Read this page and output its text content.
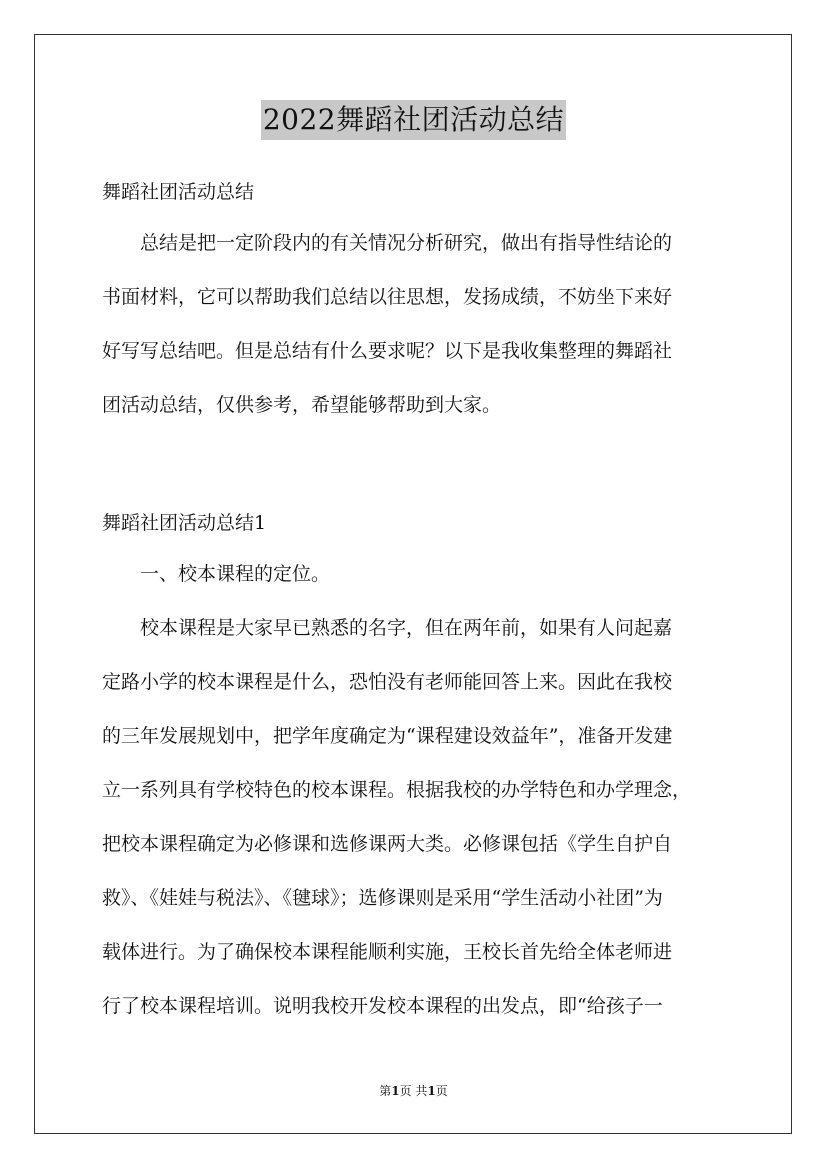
2022舞蹈社团活动总结
舞蹈社团活动总结
总结是把一定阶段内的有关情况分析研究，做出有指导性结论的
书面材料，它可以帮助我们总结以往思想，发扬成绩，不妨坐下来好
好写写总结吧。但是总结有什么要求呢？以下是我收集整理的舞蹈社
团活动总结，仅供参考，希望能够帮助到大家。
舞蹈社团活动总结1
一、校本课程的定位。
校本课程是大家早已熟悉的名字，但在两年前，如果有人问起嘉
定路小学的校本课程是什么，恐怕没有老师能回答上来。因此在我校
的三年发展规划中，把学年度确定为“课程建设效益年”，准备开发建
立一系列具有学校特色的校本课程。根据我校的办学特色和办学理念，
把校本课程确定为必修课和选修课两大类。必修课包括《学生自护自
救》、《娃娃与税法》、《毽球》；选修课则是采用“学生活动小社团”为
载体进行。为了确保校本课程能顺利实施，王校长首先给全体老师进
行了校本课程培训。说明我校开发校本课程的出发点，即“给孩子一
第1页 共1页
